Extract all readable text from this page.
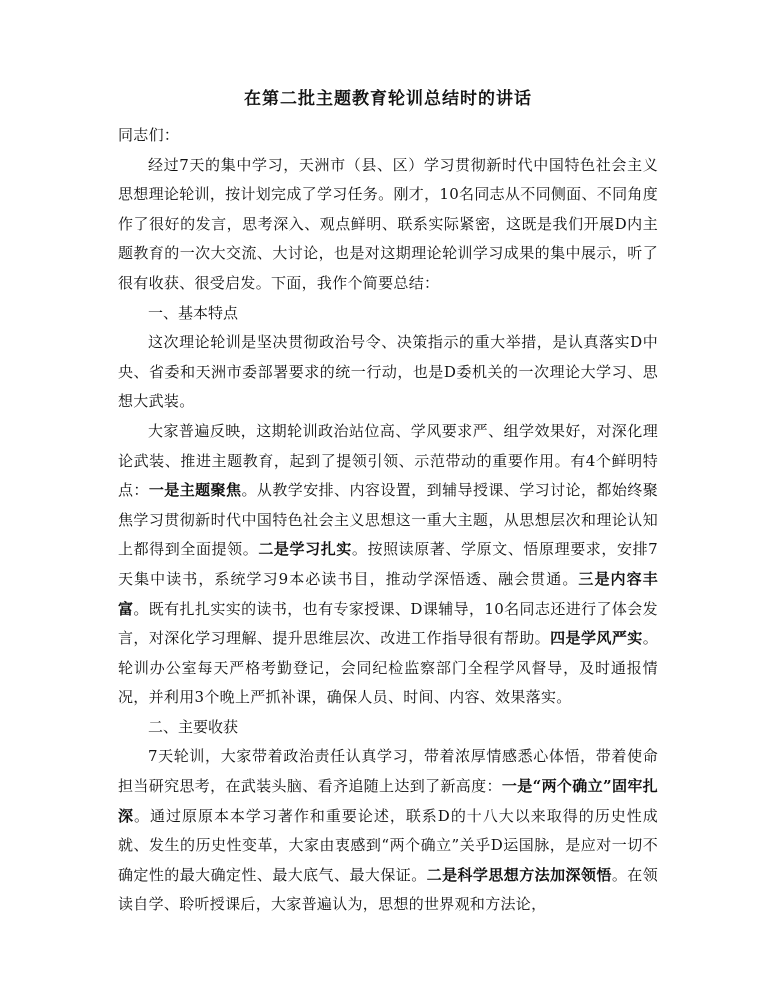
在第二批主题教育轮训总结时的讲话

同志们：

经过7天的集中学习，天洲市（县、区）学习贯彻新时代中国特色社会主义思想理论轮训，按计划完成了学习任务。刚才，10名同志从不同侧面、不同角度作了很好的发言，思考深入、观点鲜明、联系实际紧密，这既是我们开展D内主题教育的一次大交流、大讨论，也是对这期理论轮训学习成果的集中展示，听了很有收获、很受启发。下面，我作个简要总结：

一、基本特点

这次理论轮训是坚决贯彻政治号令、决策指示的重大举措，是认真落实D中央、省委和天洲市委部署要求的统一行动，也是D委机关的一次理论大学习、思想大武装。

大家普遍反映，这期轮训政治站位高、学风要求严、组学效果好，对深化理论武装、推进主题教育，起到了提领引领、示范带动的重要作用。有4个鲜明特点：一是主题聚焦。从教学安排、内容设置，到辅导授课、学习讨论，都始终聚焦学习贯彻新时代中国特色社会主义思想这一重大主题，从思想层次和理论认知上都得到全面提领。二是学习扎实。按照读原著、学原文、悟原理要求，安排7天集中读书，系统学习9本必读书目，推动学深悟透、融会贯通。三是内容丰富。既有扎扎实实的读书，也有专家授课、D课辅导，10名同志还进行了体会发言，对深化学习理解、提升思维层次、改进工作指导很有帮助。四是学风严实。轮训办公室每天严格考勤登记，会同纪检监察部门全程学风督导，及时通报情况，并利用3个晚上严抓补课，确保人员、时间、内容、效果落实。

二、主要收获

7天轮训，大家带着政治责任认真学习，带着浓厚情感悉心体悟，带着使命担当研究思考，在武装头脑、看齐追随上达到了新高度：一是“两个确立”固牢扎深。通过原原本本学习著作和重要论述，联系D的十八大以来取得的历史性成就、发生的历史性变革，大家由衷感到“两个确立”关乎D运国脉，是应对一切不确定性的最大确定性、最大底气、最大保证。二是科学思想方法加深领悟。在领读自学、聆听授课后，大家普遍认为，思想的世界观和方法论，
